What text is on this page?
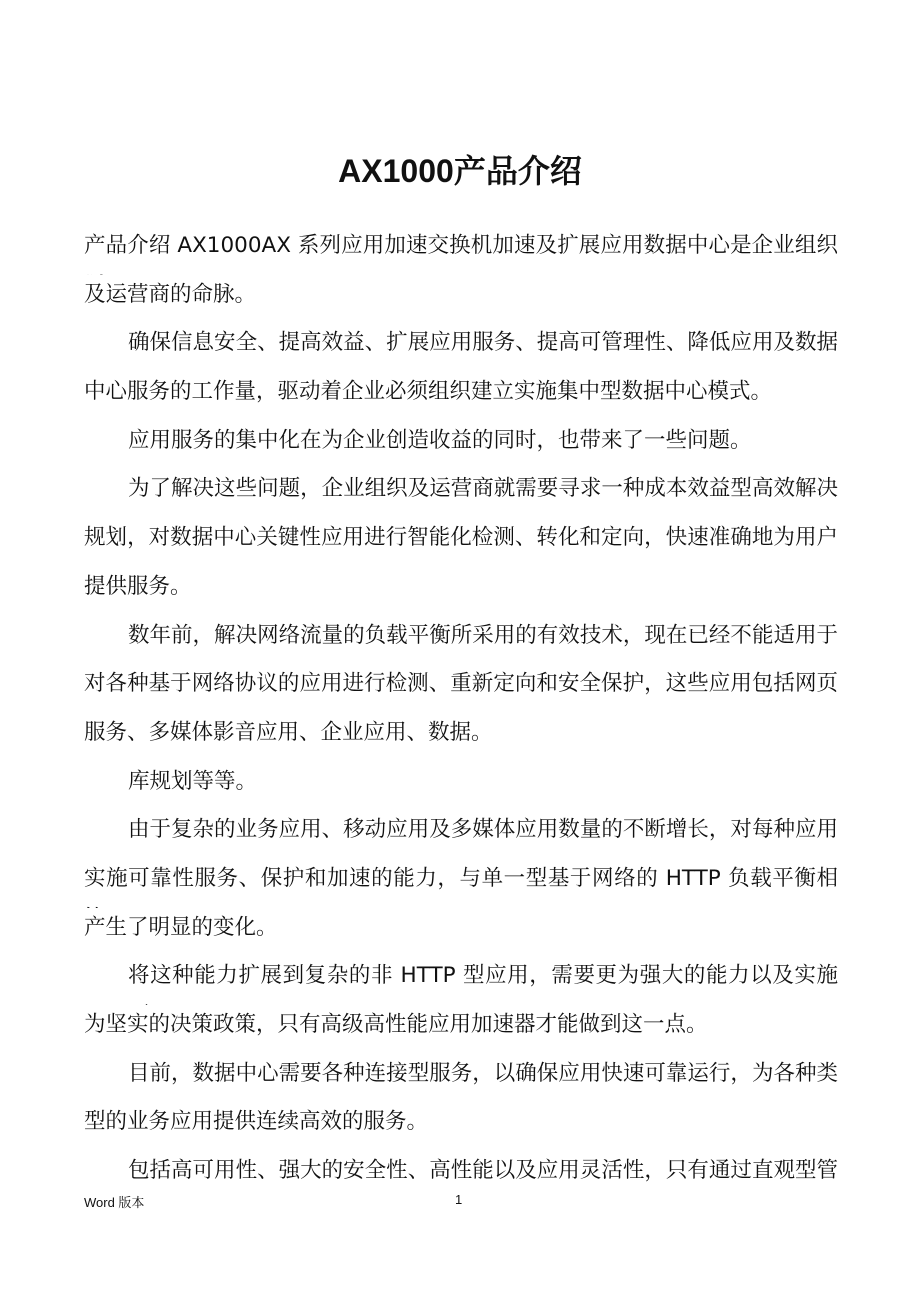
AX1000产品介绍
产品介绍 AX1000AX 系列应用加速交换机加速及扩展应用数据中心是企业组织
及运营商的命脉。
确保信息安全、提高效益、扩展应用服务、提高可管理性、降低应用及数据
中心服务的工作量，驱动着企业必须组织建立实施集中型数据中心模式。
应用服务的集中化在为企业创造收益的同时，也带来了一些问题。
为了解决这些问题，企业组织及运营商就需要寻求一种成本效益型高效解决
规划，对数据中心关键性应用进行智能化检测、转化和定向，快速准确地为用户
提供服务。
数年前，解决网络流量的负载平衡所采用的有效技术，现在已经不能适用于
对各种基于网络协议的应用进行检测、重新定向和安全保护，这些应用包括网页
服务、多媒体影音应用、企业应用、数据。
库规划等等。
由于复杂的业务应用、移动应用及多媒体应用数量的不断增长，对每种应用
实施可靠性服务、保护和加速的能力，与单一型基于网络的 HTTP 负载平衡相
产生了明显的变化。
将这种能力扩展到复杂的非 HTTP 型应用，需要更为强大的能力以及实施
为坚实的决策政策，只有高级高性能应用加速器才能做到这一点。
目前，数据中心需要各种连接型服务，以确保应用快速可靠运行，为各种类
型的业务应用提供连续高效的服务。
包括高可用性、强大的安全性、高性能以及应用灵活性，只有通过直观型管
Word 版本	1
